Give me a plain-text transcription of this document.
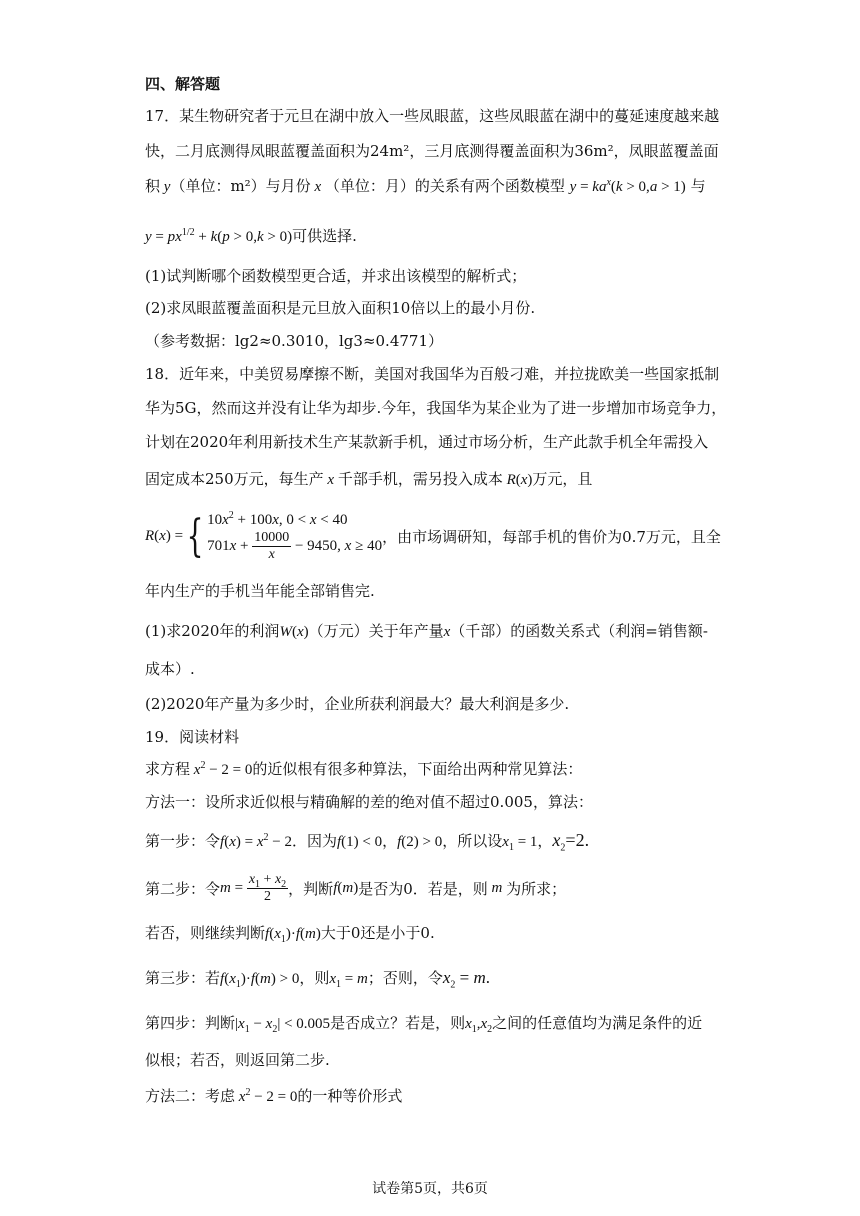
四、解答题
17．某生物研究者于元旦在湖中放入一些凤眼蓝，这些凤眼蓝在湖中的蔓延速度越来越
快，二月底测得凤眼蓝覆盖面积为24m²，三月底测得覆盖面积为36m²，凤眼蓝覆盖面
积 y（单位：m²）与月份 x （单位：月）的关系有两个函数模型 $y = ka^x(k > 0,a > 1)$ 与
$y = px^{1/2} + k(p > 0,k > 0)$可供选择.
(1)试判断哪个函数模型更合适，并求出该模型的解析式；
(2)求凤眼蓝覆盖面积是元旦放入面积10倍以上的最小月份.
（参考数据：lg2≈0.3010，lg3≈0.4771）
18．近年来，中美贸易摩擦不断，美国对我国华为百般刁难，并拉拢欧美一些国家抵制
华为5G，然而这并没有让华为却步.今年，我国华为某企业为了进一步增加市场竞争力，
计划在2020年利用新技术生产某款新手机，通过市场分析，生产此款手机全年需投入
固定成本250万元，每生产 x 千部手机，需另投入成本 R(x)万元，且
R(x) ={ $10x^2 + 100x$, 0 < x < 40
$701x + \frac{10000}{x} - 9450$, x ≥ 40 ，由市场调研知，每部手机的售价为0.7万元，且全
年内生产的手机当年能全部销售完.
(1)求2020年的利润W(x)（万元）关于年产量x（千部）的函数关系式（利润=销售额-
成本）.
(2)2020年产量为多少时，企业所获利润最大？最大利润是多少.
19．阅读材料
求方程 $x^2 - 2 = 0$的近似根有很多种算法，下面给出两种常见算法：
方法一：设所求近似根与精确解的差的绝对值不超过0.005，算法：
第一步：令$f(x) = x^2 - 2$．因为f(1) < 0，f(2) > 0，所以设$x_1 = 1$，$x_2=2$.
第二步：令$m = \frac{x_1 + x_2}{2}$ ，判断f(m)是否为0．若是，则 m 为所求；
若否，则继续判断$f(x_1)\cdot f(m)$大于0还是小于0.
第三步：若$f(x_1)\cdot f(m) > 0$，则$x_1 = m$；否则，令$x_2 = m$.
第四步：判断$|x_1 - x_2| < 0.005$是否成立？若是，则$x_1,x_2$之间的任意值均为满足条件的近
似根；若否，则返回第二步.
方法二：考虑 $x^2 - 2 = 0$的一种等价形式
试卷第5页，共6页
